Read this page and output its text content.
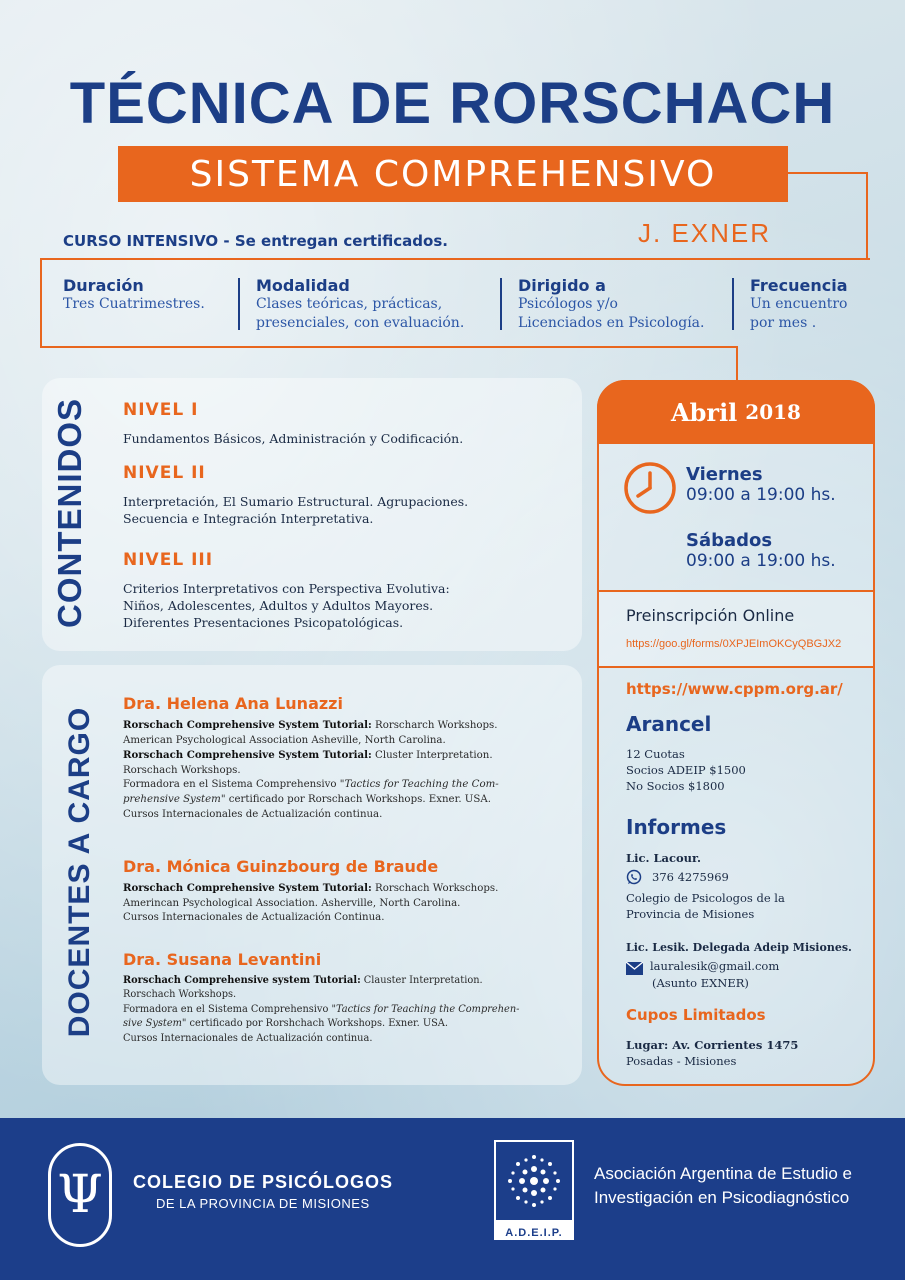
TÉCNICA DE RORSCHACH
SISTEMA COMPREHENSIVO
CURSO INTENSIVO - Se entregan certificados.	J. EXNER
Duración
Tres Cuatrimestres.
Modalidad
Clases teóricas, prácticas,
presenciales, con evaluación.
Dirigido a
Psicólogos y/o
Licenciados en Psicología.
Frecuencia
Un encuentro
por mes .
CONTENIDOS NIVEL I
Fundamentos Básicos, Administración y Codificación.
NIVEL II
Interpretación, El Sumario Estructural. Agrupaciones.
Secuencia e Integración Interpretativa.
NIVEL III
Criterios Interpretativos con Perspectiva Evolutiva:
Niños, Adolescentes, Adultos y Adultos Mayores.
Diferentes Presentaciones Psicopatológicas.
DOCENTES A CARGO
Dra. Helena Ana Lunazzi
Rorschach Comprehensive System Tutorial: Rorscharch Workshops.
American Psychological Association Asheville, North Carolina.
Rorschach Comprehensive System Tutorial: Cluster Interpretation.
Rorschach Workshops.
Formadora en el Sistema Comprehensivo "Tactics for Teaching the Com-
prehensive System" certificado por Rorschach Workshops. Exner. USA.
Cursos Internacionales de Actualización continua.
Dra. Mónica Guinzbourg de Braude
Rorschach Comprehensive System Tutorial: Rorschach Workschops.
Amerincan Psychological Association. Asherville, North Carolina.
Cursos Internacionales de Actualización Continua.
Dra. Susana Levantini
Rorschach Comprehensive system Tutorial: Clauster Interpretation.
Rorschach Workshops.
Formadora en el Sistema Comprehensivo "Tactics for Teaching the Comprehen-
sive System" certificado por Rorshchach Workshops. Exner. USA.
Cursos Internacionales de Actualización continua.
Abril 2018
Viernes
09:00 a 19:00 hs.
Sábados
09:00 a 19:00 hs.
Preinscripción Online
https://goo.gl/forms/0XPJEImOKCyQBGJX2
https://www.cppm.org.ar/
Arancel
12 Cuotas
Socios ADEIP $1500
No Socios $1800
Informes
Lic. Lacour.
376 4275969
Colegio de Psicologos de la
Provincia de Misiones
Lic. Lesik. Delegada Adeip Misiones.
lauralesik@gmail.com
(Asunto EXNER)
Cupos Limitados
Lugar: Av. Corrientes 1475
Posadas - Misiones
Ψ COLEGIO DE PSICÓLOGOS
DE LA PROVINCIA DE MISIONES
A.D.E.I.P.
Asociación Argentina de Estudio e
Investigación en Psicodiagnóstico
